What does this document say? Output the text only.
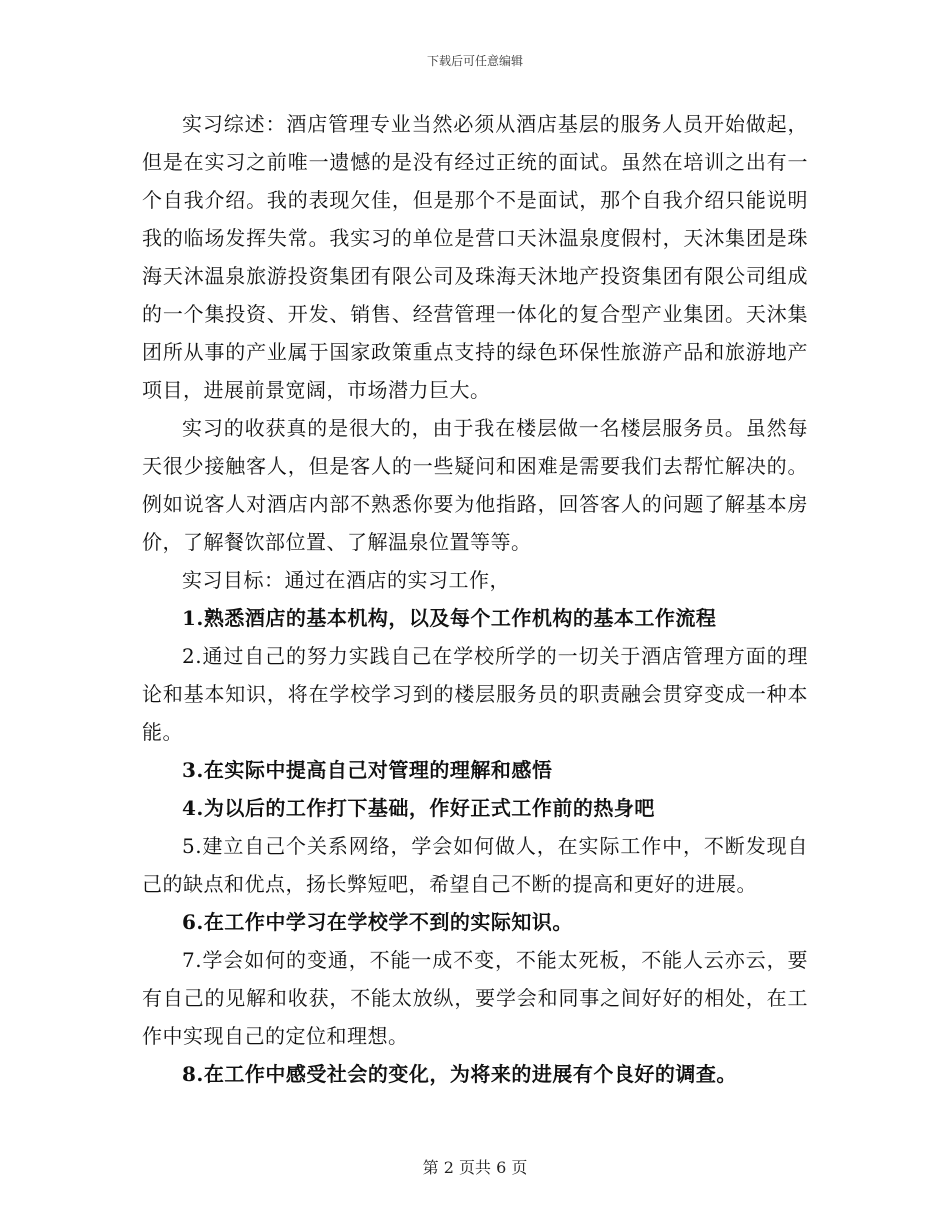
下载后可任意编辑

实习综述：酒店管理专业当然必须从酒店基层的服务人员开始做起，但是在实习之前唯一遗憾的是没有经过正统的面试。虽然在培训之出有一个自我介绍。我的表现欠佳，但是那个不是面试，那个自我介绍只能说明我的临场发挥失常。我实习的单位是营口天沐温泉度假村，天沐集团是珠海天沐温泉旅游投资集团有限公司及珠海天沐地产投资集团有限公司组成的一个集投资、开发、销售、经营管理一体化的复合型产业集团。天沐集团所从事的产业属于国家政策重点支持的绿色环保性旅游产品和旅游地产项目，进展前景宽阔，市场潜力巨大。

实习的收获真的是很大的，由于我在楼层做一名楼层服务员。虽然每天很少接触客人，但是客人的一些疑问和困难是需要我们去帮忙解决的。例如说客人对酒店内部不熟悉你要为他指路，回答客人的问题了解基本房价，了解餐饮部位置、了解温泉位置等等。

实习目标：通过在酒店的实习工作，

1.熟悉酒店的基本机构，以及每个工作机构的基本工作流程

2.通过自己的努力实践自己在学校所学的一切关于酒店管理方面的理论和基本知识，将在学校学习到的楼层服务员的职责融会贯穿变成一种本能。

3.在实际中提高自己对管理的理解和感悟

4.为以后的工作打下基础，作好正式工作前的热身吧

5.建立自己个关系网络，学会如何做人，在实际工作中，不断发现自己的缺点和优点，扬长弊短吧，希望自己不断的提高和更好的进展。

6.在工作中学习在学校学不到的实际知识。

7.学会如何的变通，不能一成不变，不能太死板，不能人云亦云，要有自己的见解和收获，不能太放纵，要学会和同事之间好好的相处，在工作中实现自己的定位和理想。

8.在工作中感受社会的变化，为将来的进展有个良好的调查。

第 2 页共 6 页
